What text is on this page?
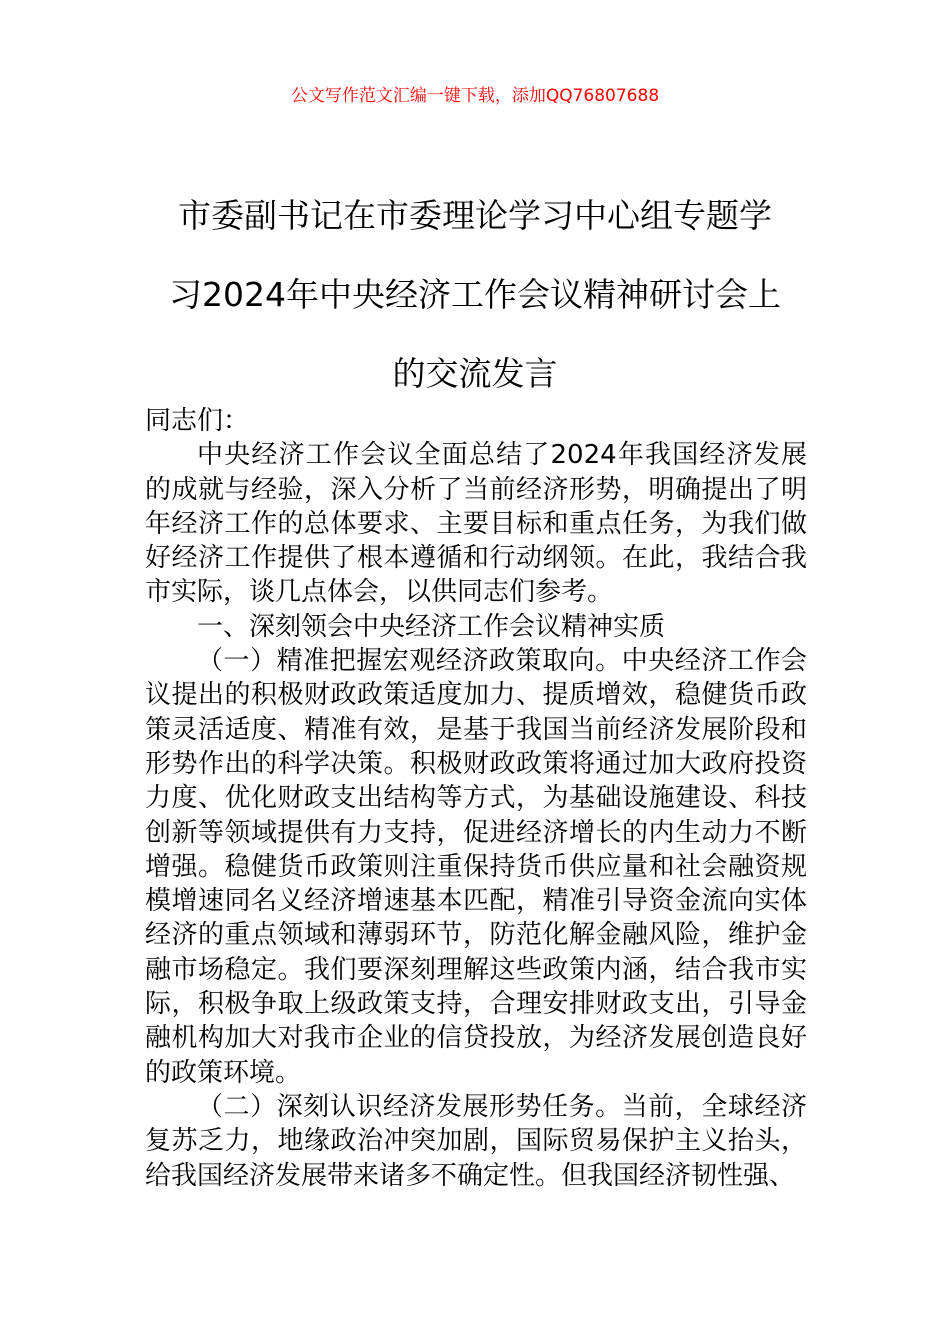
公文写作范文汇编一键下载，添加QQ76807688
市委副书记在市委理论学习中心组专题学
习2024年中央经济工作会议精神研讨会上
的交流发言

同志们：

中央经济工作会议全面总结了2024年我国经济发展的成就与经验，深入分析了当前经济形势，明确提出了明年经济工作的总体要求、主要目标和重点任务，为我们做好经济工作提供了根本遵循和行动纲领。在此，我结合我市实际，谈几点体会，以供同志们参考。

一、深刻领会中央经济工作会议精神实质

（一）精准把握宏观经济政策取向。中央经济工作会议提出的积极财政政策适度加力、提质增效，稳健货币政策灵活适度、精准有效，是基于我国当前经济发展阶段和形势作出的科学决策。积极财政政策将通过加大政府投资力度、优化财政支出结构等方式，为基础设施建设、科技创新等领域提供有力支持，促进经济增长的内生动力不断增强。稳健货币政策则注重保持货币供应量和社会融资规模增速同名义经济增速基本匹配，精准引导资金流向实体经济的重点领域和薄弱环节，防范化解金融风险，维护金融市场稳定。我们要深刻理解这些政策内涵，结合我市实际，积极争取上级政策支持，合理安排财政支出，引导金融机构加大对我市企业的信贷投放，为经济发展创造良好的政策环境。

（二）深刻认识经济发展形势任务。当前，全球经济复苏乏力，地缘政治冲突加剧，国际贸易保护主义抬头，给我国经济发展带来诸多不确定性。但我国经济韧性强、
